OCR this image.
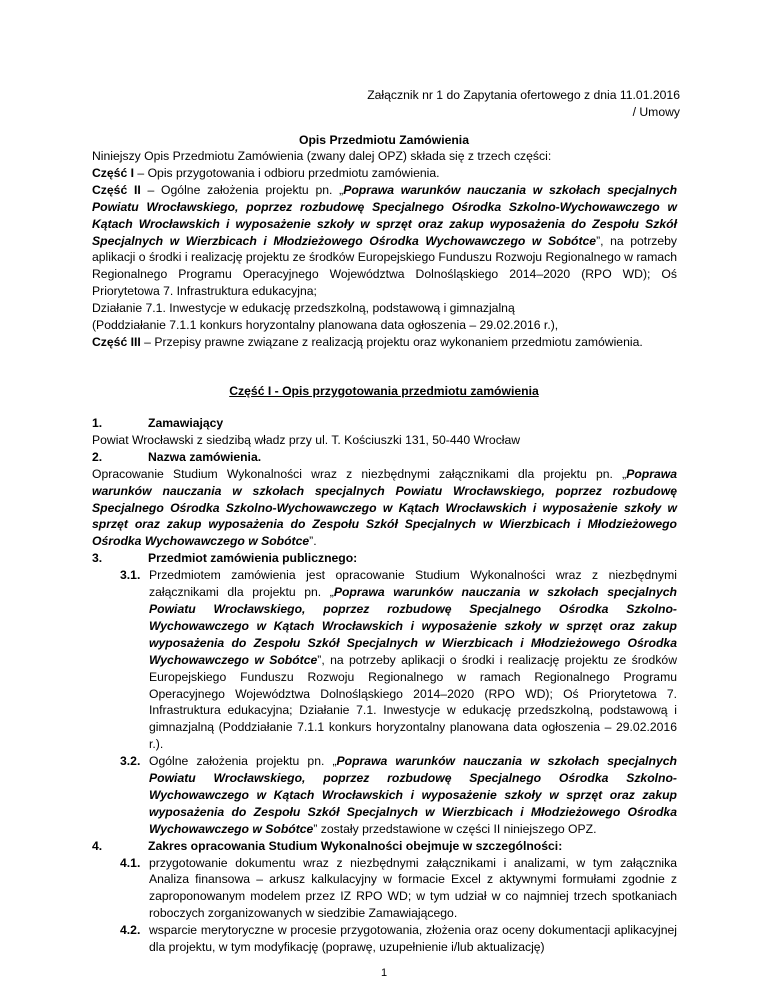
Załącznik nr 1 do Zapytania ofertowego z dnia 11.01.2016
/ Umowy
Opis Przedmiotu Zamówienia

Niniejszy Opis Przedmiotu Zamówienia (zwany dalej OPZ) składa się z trzech części:

Część I – Opis przygotowania i odbioru przedmiotu zamówienia.

Część II – Ogólne założenia projektu pn. „Poprawa warunków nauczania w szkołach specjalnych Powiatu Wrocławskiego, poprzez rozbudowę Specjalnego Ośrodka Szkolno-Wychowawczego w Kątach Wrocławskich i wyposażenie szkoły w sprzęt oraz zakup wyposażenia do Zespołu Szkół Specjalnych w Wierzbicach i Młodzieżowego Ośrodka Wychowawczego w Sobótce”, na potrzeby aplikacji o środki i realizację projektu ze środków Europejskiego Funduszu Rozwoju Regionalnego w ramach Regionalnego Programu Operacyjnego Województwa Dolnośląskiego 2014–2020 (RPO WD); Oś Priorytetowa 7. Infrastruktura edukacyjna;

Działanie 7.1. Inwestycje w edukację przedszkolną, podstawową i gimnazjalną

(Poddziałanie 7.1.1 konkurs horyzontalny planowana data ogłoszenia – 29.02.2016 r.),

Część III – Przepisy prawne związane z realizacją projektu oraz wykonaniem przedmiotu zamówienia.

Część I - Opis przygotowania przedmiotu zamówienia
1.	Zamawiający

Powiat Wrocławski z siedzibą władz przy ul. T. Kościuszki 131, 50-440 Wrocław

2.	Nazwa zamówienia.

Opracowanie Studium Wykonalności wraz z niezbędnymi załącznikami dla projektu pn. „Poprawa warunków nauczania w szkołach specjalnych Powiatu Wrocławskiego, poprzez rozbudowę Specjalnego Ośrodka Szkolno-Wychowawczego w Kątach Wrocławskich i wyposażenie szkoły w sprzęt oraz zakup wyposażenia do Zespołu Szkół Specjalnych w Wierzbicach i Młodzieżowego Ośrodka Wychowawczego w Sobótce”.

3.	Przedmiot zamówienia publicznego:
3.1. Przedmiotem zamówienia jest opracowanie Studium Wykonalności wraz z niezbędnymi załącznikami dla projektu pn. „Poprawa warunków nauczania w szkołach specjalnych Powiatu Wrocławskiego, poprzez rozbudowę Specjalnego Ośrodka Szkolno-Wychowawczego w Kątach Wrocławskich i wyposażenie szkoły w sprzęt oraz zakup wyposażenia do Zespołu Szkół Specjalnych w Wierzbicach i Młodzieżowego Ośrodka Wychowawczego w Sobótce”, na potrzeby aplikacji o środki i realizację projektu ze środków Europejskiego Funduszu Rozwoju Regionalnego w ramach Regionalnego Programu Operacyjnego Województwa Dolnośląskiego 2014–2020 (RPO WD); Oś Priorytetowa 7. Infrastruktura edukacyjna; Działanie 7.1. Inwestycje w edukację przedszkolną, podstawową i gimnazjalną (Poddziałanie 7.1.1 konkurs horyzontalny planowana data ogłoszenia – 29.02.2016 r.).
3.2. Ogólne założenia projektu pn. „Poprawa warunków nauczania w szkołach specjalnych Powiatu Wrocławskiego, poprzez rozbudowę Specjalnego Ośrodka Szkolno-Wychowawczego w Kątach Wrocławskich i wyposażenie szkoły w sprzęt oraz zakup wyposażenia do Zespołu Szkół Specjalnych w Wierzbicach i Młodzieżowego Ośrodka Wychowawczego w Sobótce” zostały przedstawione w części II niniejszego OPZ.
4.	Zakres opracowania Studium Wykonalności obejmuje w szczególności:
4.1. przygotowanie dokumentu wraz z niezbędnymi załącznikami i analizami, w tym załącznika Analiza finansowa – arkusz kalkulacyjny w formacie Excel z aktywnymi formułami zgodnie z zaproponowanym modelem przez IZ RPO WD; w tym udział w co najmniej trzech spotkaniach roboczych zorganizowanych w siedzibie Zamawiającego.
4.2. wsparcie merytoryczne w procesie przygotowania, złożenia oraz oceny dokumentacji aplikacyjnej dla projektu, w tym modyfikację (poprawę, uzupełnienie i/lub aktualizację)
1
